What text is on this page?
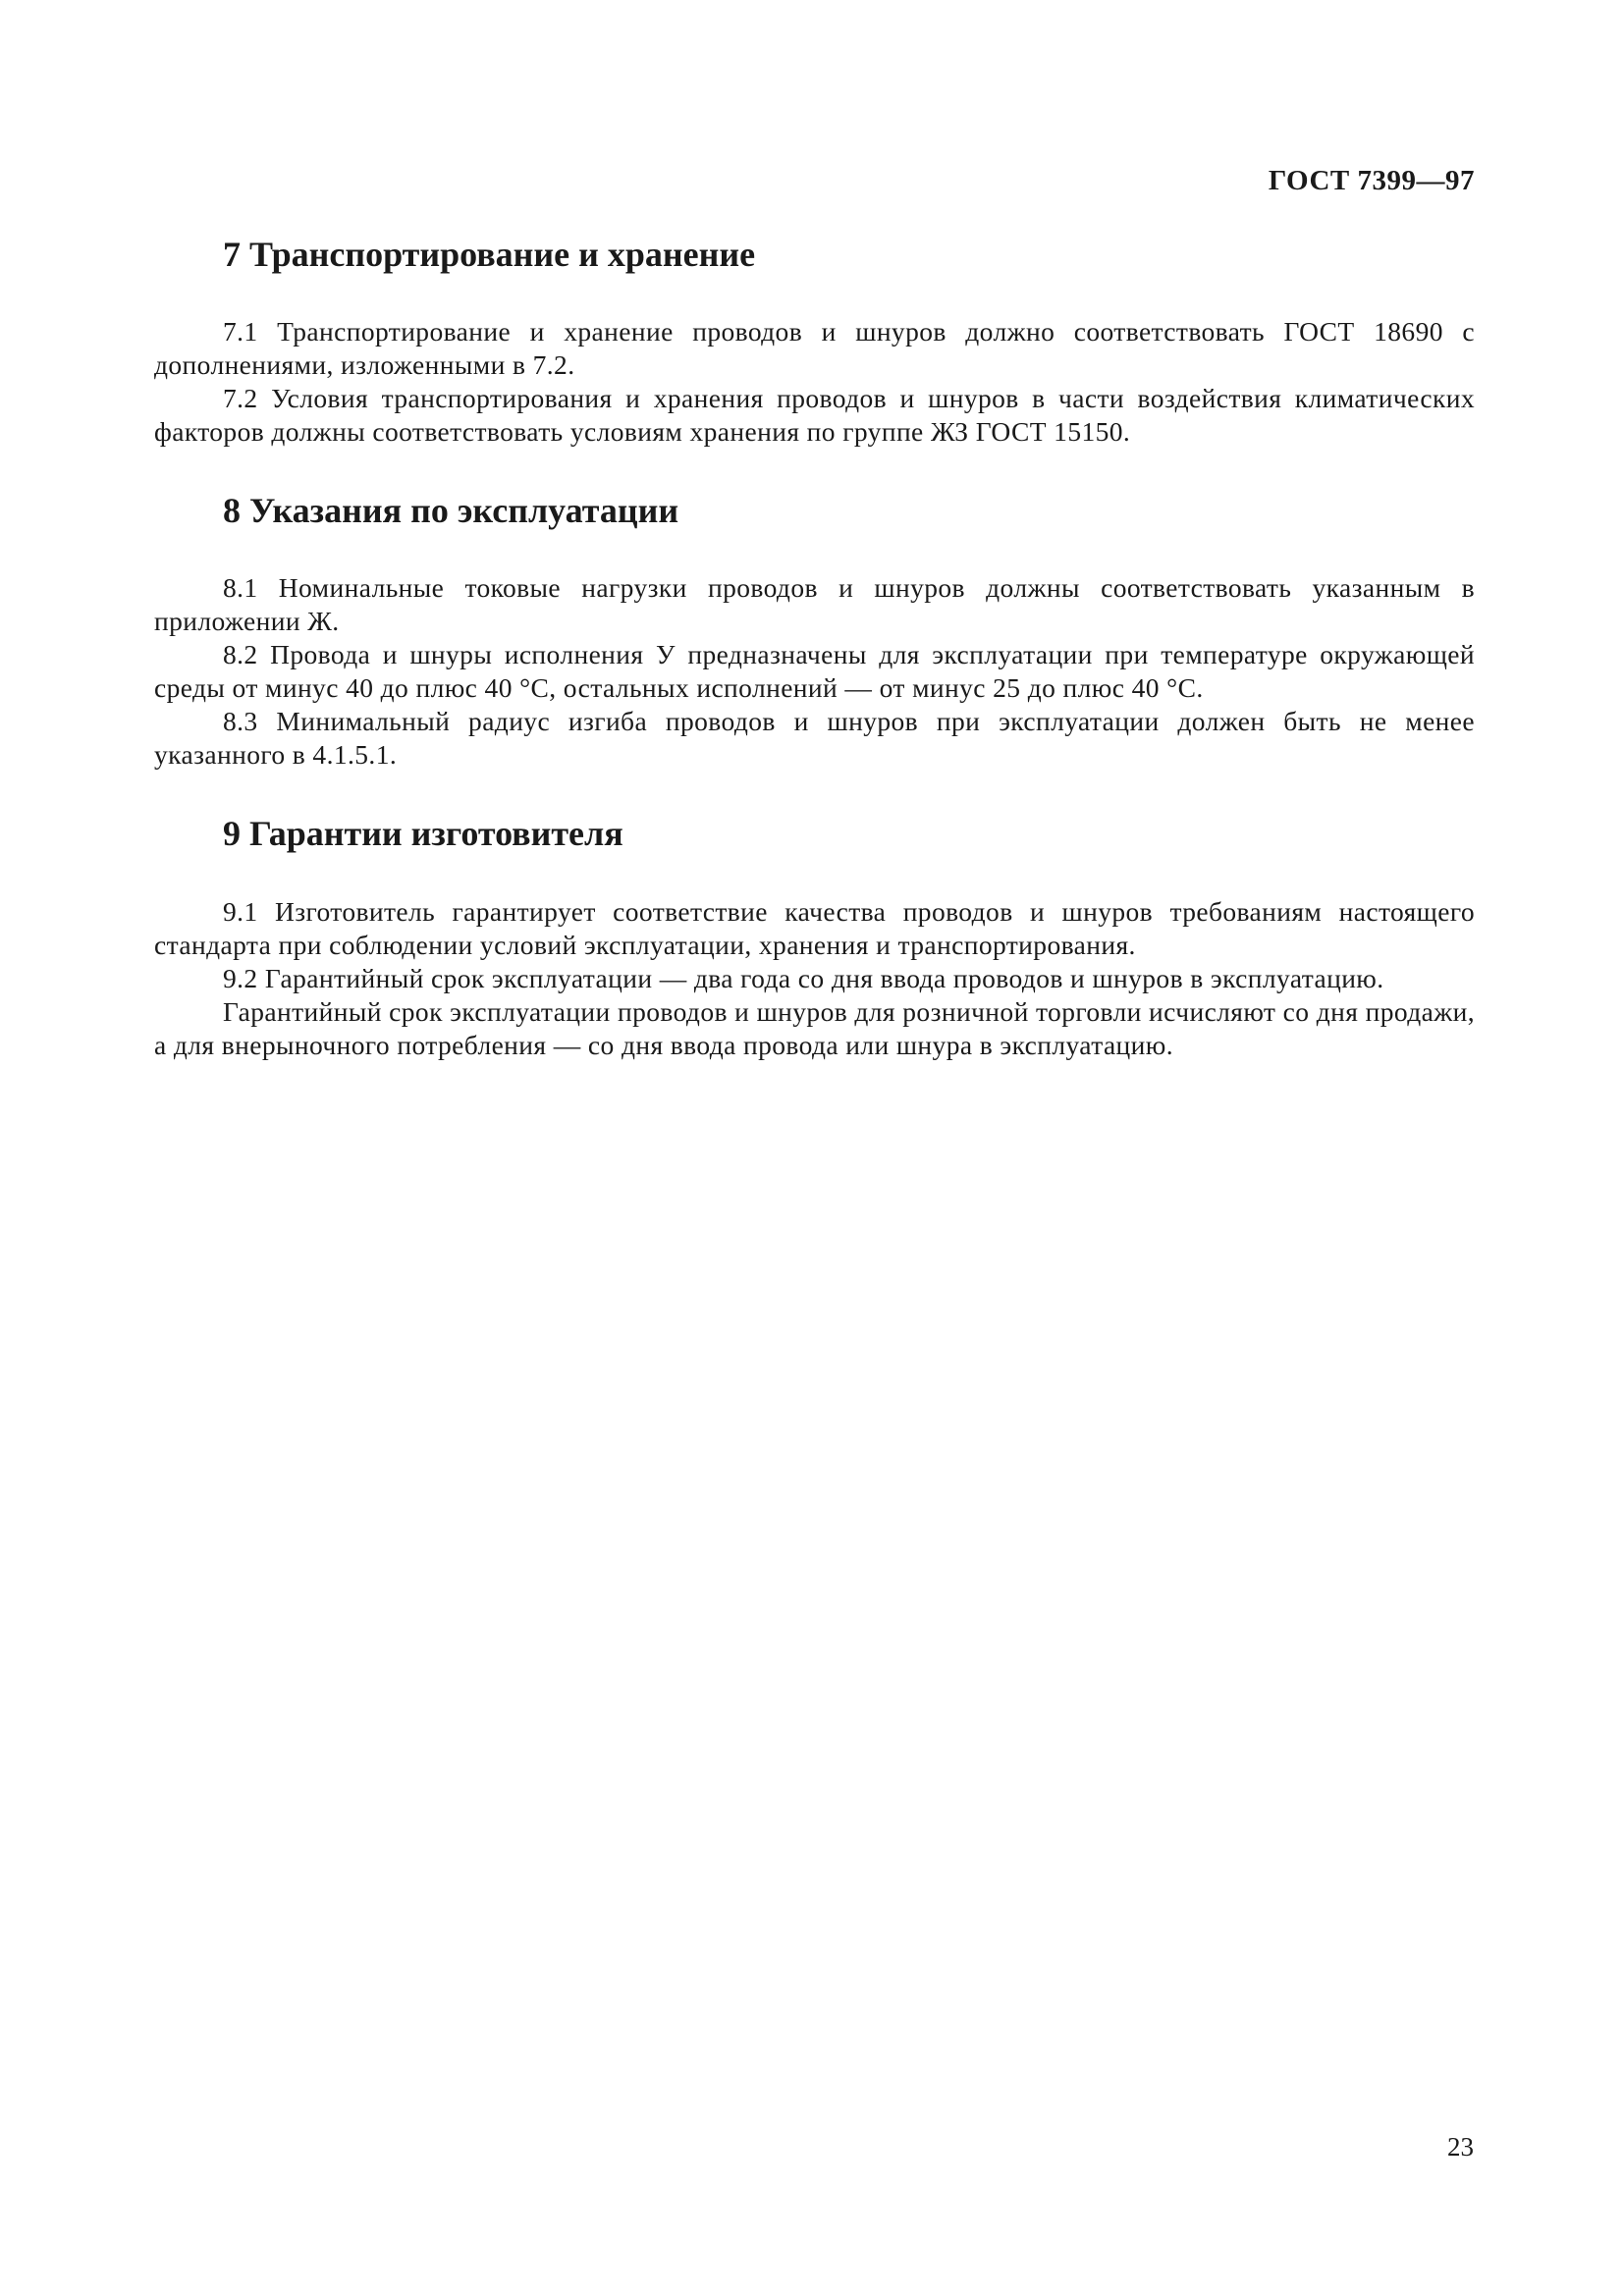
ГОСТ 7399—97
7 Транспортирование и хранение

7.1 Транспортирование и хранение проводов и шнуров должно соответствовать ГОСТ 18690 с дополнениями, изложенными в 7.2.

7.2 Условия транспортирования и хранения проводов и шнуров в части воздействия климатических факторов должны соответствовать условиям хранения по группе ЖЗ ГОСТ 15150.

8 Указания по эксплуатации

8.1 Номинальные токовые нагрузки проводов и шнуров должны соответствовать указанным в приложении Ж.

8.2 Провода и шнуры исполнения У предназначены для эксплуатации при температуре окружающей среды от минус 40 до плюс 40 °С, остальных исполнений — от минус 25 до плюс 40 °С.

8.3 Минимальный радиус изгиба проводов и шнуров при эксплуатации должен быть не менее указанного в 4.1.5.1.

9 Гарантии изготовителя

9.1 Изготовитель гарантирует соответствие качества проводов и шнуров требованиям настоящего стандарта при соблюдении условий эксплуатации, хранения и транспортирования.

9.2 Гарантийный срок эксплуатации — два года со дня ввода проводов и шнуров в эксплуатацию.

Гарантийный срок эксплуатации проводов и шнуров для розничной торговли исчисляют со дня продажи, а для внерыночного потребления — со дня ввода провода или шнура в эксплуатацию.

23
